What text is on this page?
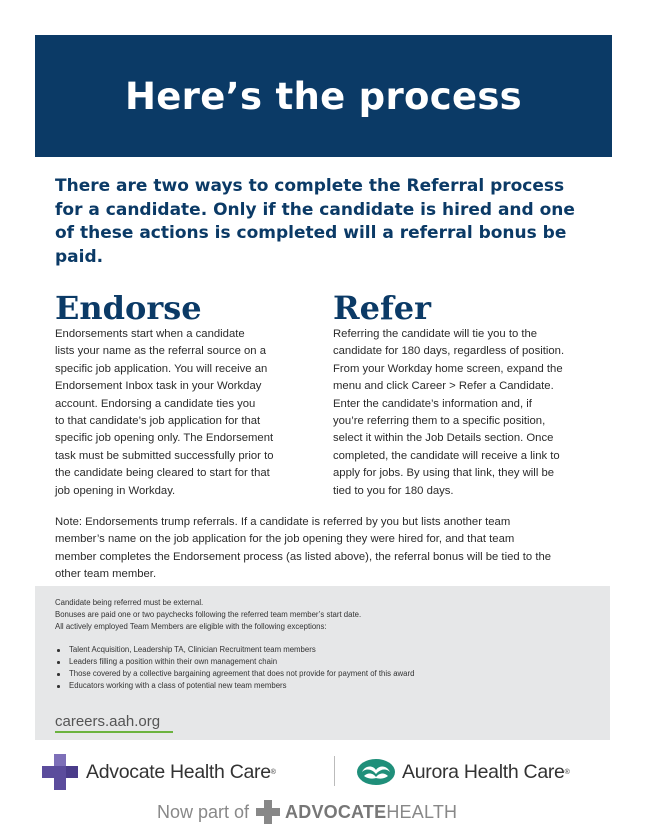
Here’s the process

There are two ways to complete the Referral process for a candidate. Only if the candidate is hired and one of these actions is completed will a referral bonus be paid.

Endorse

Endorsements start when a candidate
lists your name as the referral source on a
specific job application. You will receive an
Endorsement Inbox task in your Workday
account. Endorsing a candidate ties you
to that candidate’s job application for that
specific job opening only. The Endorsement
task must be submitted successfully prior to
the candidate being cleared to start for that
job opening in Workday.

Refer

Referring the candidate will tie you to the
candidate for 180 days, regardless of position.
From your Workday home screen, expand the
menu and click Career > Refer a Candidate.
Enter the candidate’s information and, if
you’re referring them to a specific position,
select it within the Job Details section. Once
completed, the candidate will receive a link to
apply for jobs. By using that link, they will be
tied to you for 180 days.

Note: Endorsements trump referrals. If a candidate is referred by you but lists another team
member’s name on the job application for the job opening they were hired for, and that team
member completes the Endorsement process (as listed above), the referral bonus will be tied to the
other team member.

Candidate being referred must be external.
Bonuses are paid one or two paychecks following the referred team member’s start date.
All actively employed Team Members are eligible with the following exceptions:
Talent Acquisition, Leadership TA, Clinician Recruitment team members
Leaders filling a position within their own management chain
Those covered by a collective bargaining agreement that does not provide for payment of this award
Educators working with a class of potential new team members
careers.aah.org
Advocate Health Care ®	Aurora Health Care ®
Now part of ADVOCATE HEALTH
